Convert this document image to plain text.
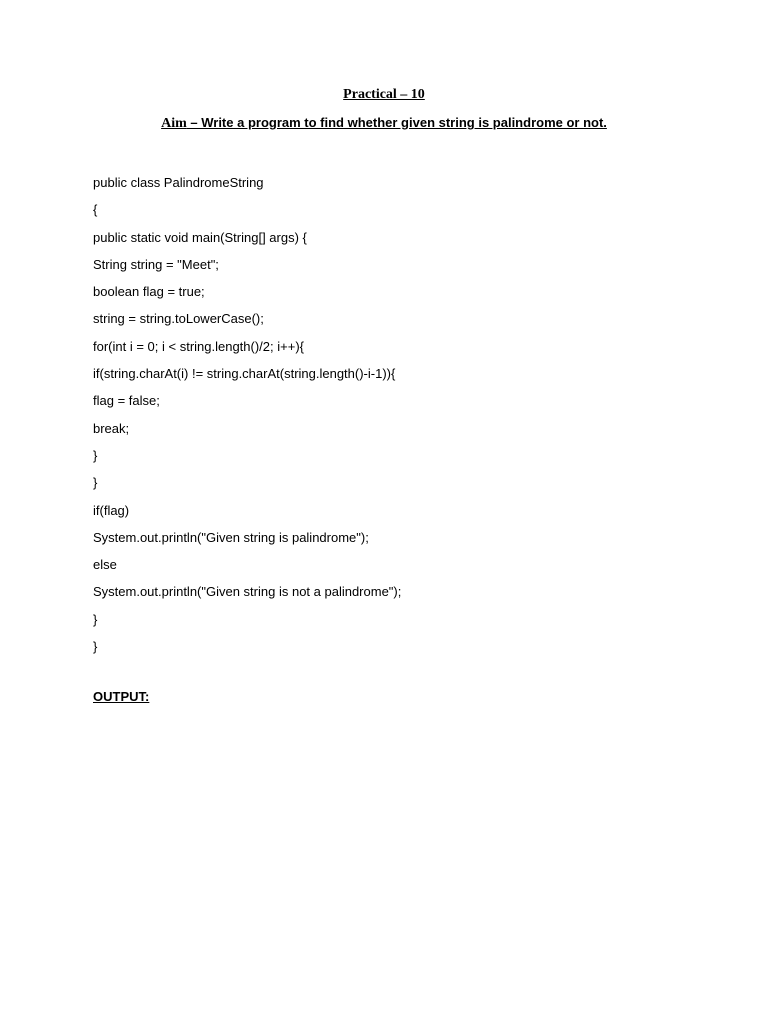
Practical – 10
Aim – Write a program to find whether given string is palindrome or not.
public class PalindromeString
{
public static void main(String[] args) {
String string = "Meet";
boolean flag = true;
string = string.toLowerCase();
for(int i = 0; i < string.length()/2; i++){
if(string.charAt(i) != string.charAt(string.length()-i-1)){
flag = false;
break;
}
}
if(flag)
System.out.println("Given string is palindrome");
else
System.out.println("Given string is not a palindrome");
}
}
OUTPUT:
